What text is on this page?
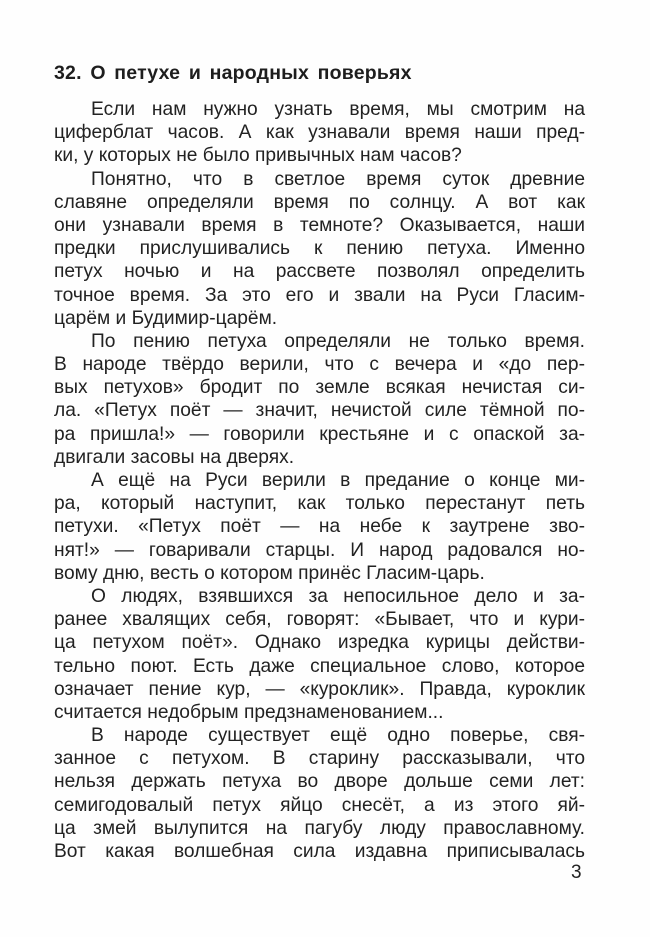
32. О петухе и народных поверьях
Если нам нужно узнать время, мы смотрим на
циферблат часов. А как узнавали время наши пред-
ки, у которых не было привычных нам часов?
Понятно, что в светлое время суток древние
славяне определяли время по солнцу. А вот как
они узнавали время в темноте? Оказывается, наши
предки прислушивались к пению петуха. Именно
петух ночью и на рассвете позволял определить
точное время. За это его и звали на Руси Гласим-
царём и Будимир-царём.
По пению петуха определяли не только время.
В народе твёрдо верили, что с вечера и «до пер-
вых петухов» бродит по земле всякая нечистая си-
ла. «Петух поёт — значит, нечистой силе тёмной по-
ра пришла!» — говорили крестьяне и с опаской за-
двигали засовы на дверях.
А ещё на Руси верили в предание о конце ми-
ра, который наступит, как только перестанут петь
петухи. «Петух поёт — на небе к заутрене зво-
нят!» — говаривали старцы. И народ радовался но-
вому дню, весть о котором принёс Гласим-царь.
О людях, взявшихся за непосильное дело и за-
ранее хвалящих себя, говорят: «Бывает, что и кури-
ца петухом поёт». Однако изредка курицы действи-
тельно поют. Есть даже специальное слово, которое
означает пение кур, — «куроклик». Правда, куроклик
считается недобрым предзнаменованием...
В народе существует ещё одно поверье, свя-
занное с петухом. В старину рассказывали, что
нельзя держать петуха во дворе дольше семи лет:
семигодовалый петух яйцо снесёт, а из этого яй-
ца змей вылупится на пагубу люду православному.
Вот какая волшебная сила издавна приписывалась
3
